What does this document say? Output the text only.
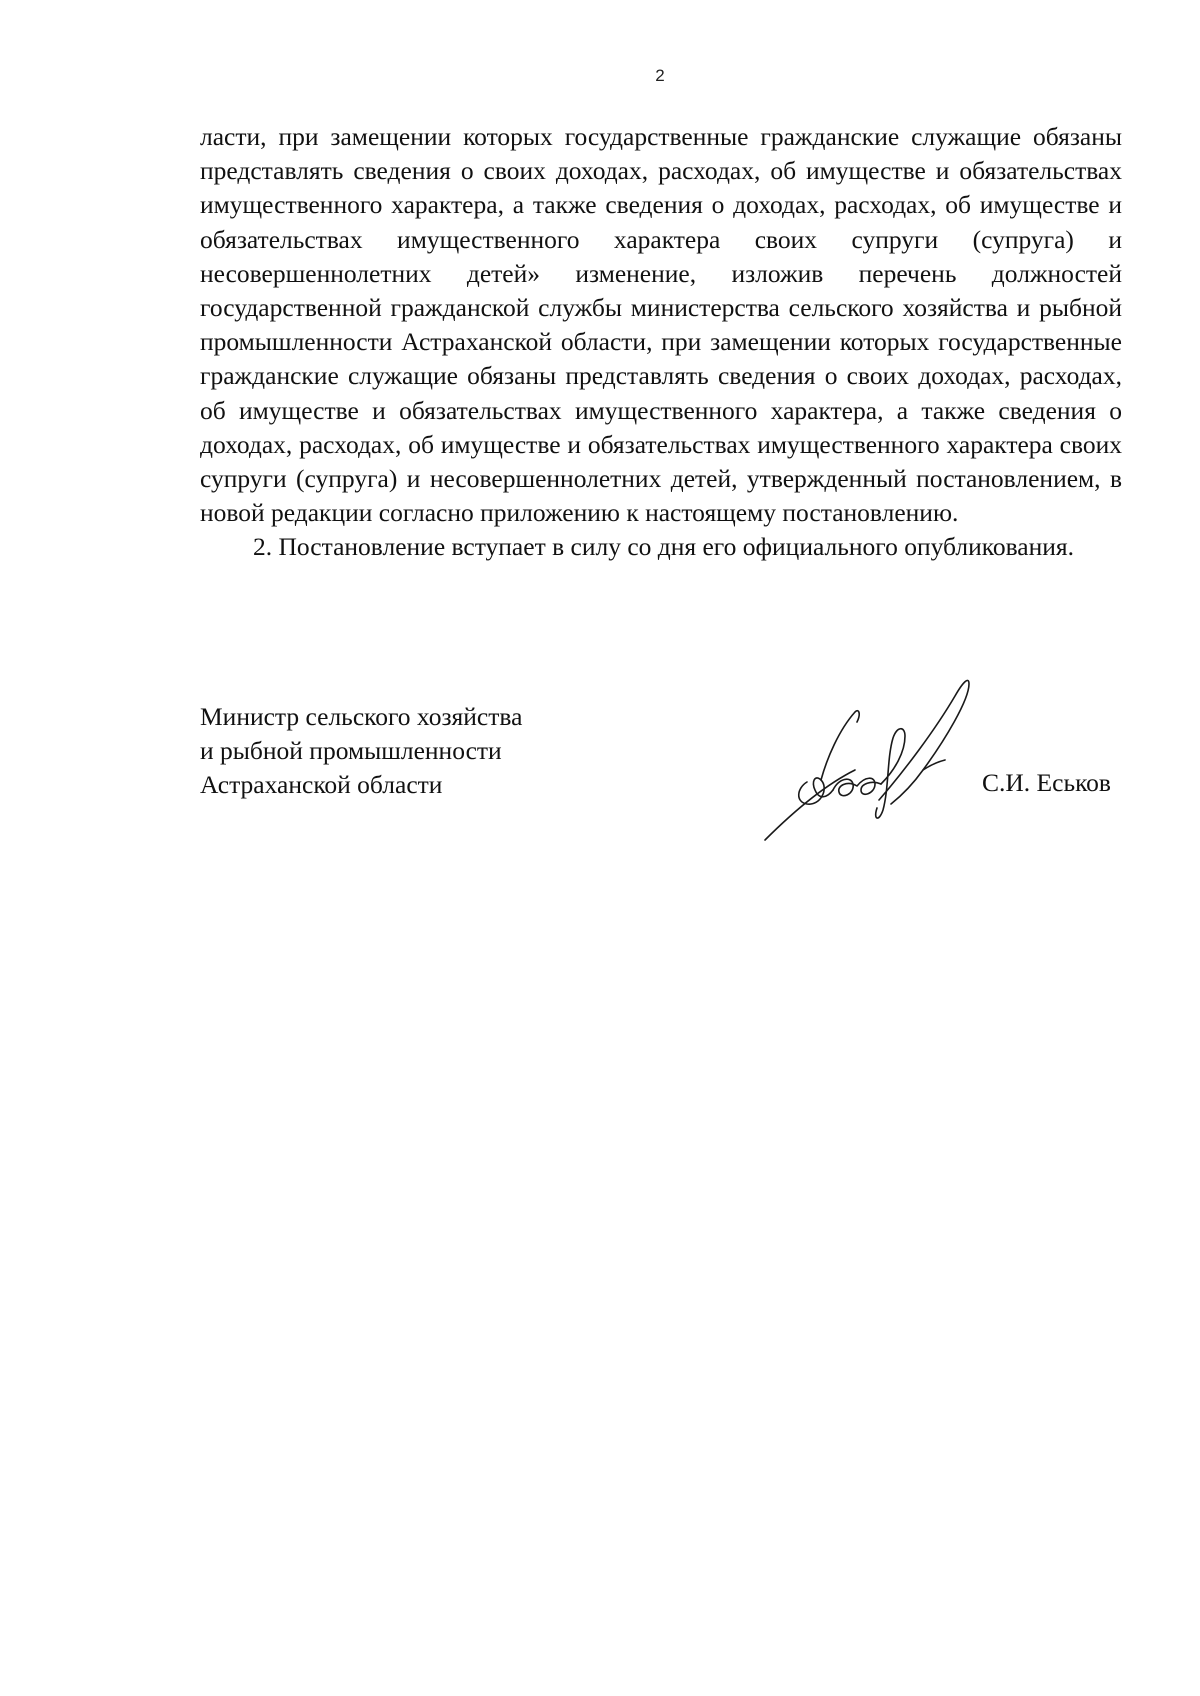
2

ласти, при замещении которых государственные гражданские служащие обязаны представлять сведения о своих доходах, расходах, об имуществе и обязательствах имущественного характера, а также сведения о доходах, расходах, об имуществе и обязательствах имущественного характера своих супруги (супруга) и несовершеннолетних детей» изменение, изложив перечень должностей государственной гражданской службы министерства сельского хозяйства и рыбной промышленности Астраханской области, при замещении которых государственные гражданские служащие обязаны представлять сведения о своих доходах, расходах, об имуществе и обязательствах имущественного характера, а также сведения о доходах, расходах, об имуществе и обязательствах имущественного характера своих супруги (супруга) и несовершеннолетних детей, утвержденный постановлением, в новой редакции согласно приложению к настоящему постановлению.

2. Постановление вступает в силу со дня его официального опубликования.

Министр сельского хозяйства
и рыбной промышленности
Астраханской области	С.И. Еськов
